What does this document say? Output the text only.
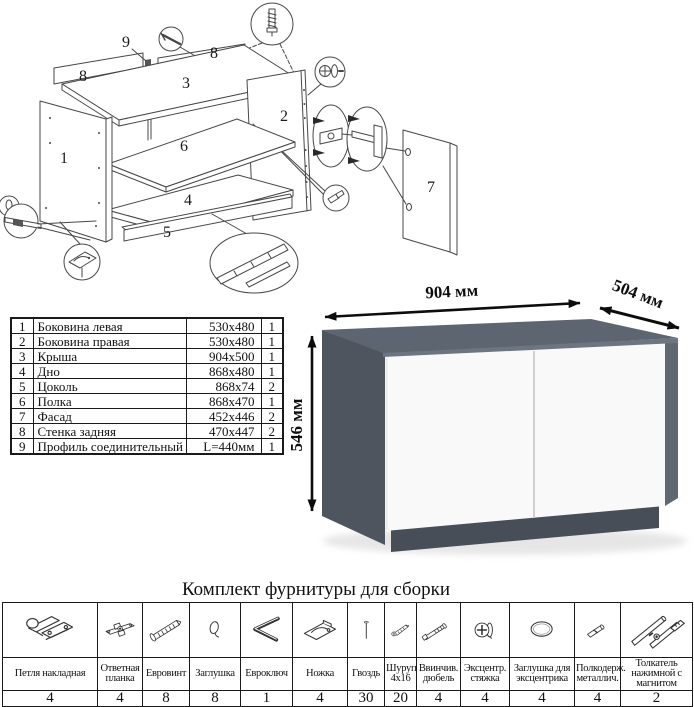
1
2
3
4
5
6
7
8
8
9
904 мм	504 мм
546 мм
1	Боковина левая	530x480	1
2	Боковина правая	530x480	1
3	Крыша	904x500	1
4	Дно	868x480	1
5	Цоколь	868x74	2
6	Полка	868x470	1
7	Фасад	452x446	2
8	Стенка задняя	470x447	2
9	Профиль соединительный	L=440мм	1
Комплект фурнитуры для сборки

Петля накладная	Ответная планка	Евровинт	Заглушка	Евроключ	Ножка	Гвоздь	Шуруп 4x16	Ввинчив. дюбель	Эксцентр. стяжка	Заглушка для эксцентрика	Полкодерж. металлич.	Толкатель нажимной с магнитом
4	4	8	8	1	4	30	20	4	4	4	4	2
